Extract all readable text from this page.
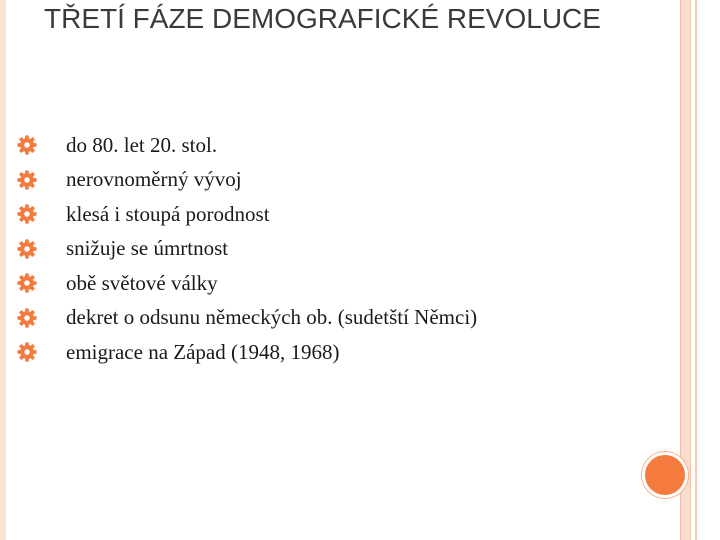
TŘETÍ FÁZE DEMOGRAFICKÉ REVOLUCE
do 80. let 20. stol.
nerovnoměrný vývoj
klesá i stoupá porodnost
snižuje se úmrtnost
obě světové války
dekret o odsunu německých ob. (sudetští Němci)
emigrace na Západ (1948, 1968)
